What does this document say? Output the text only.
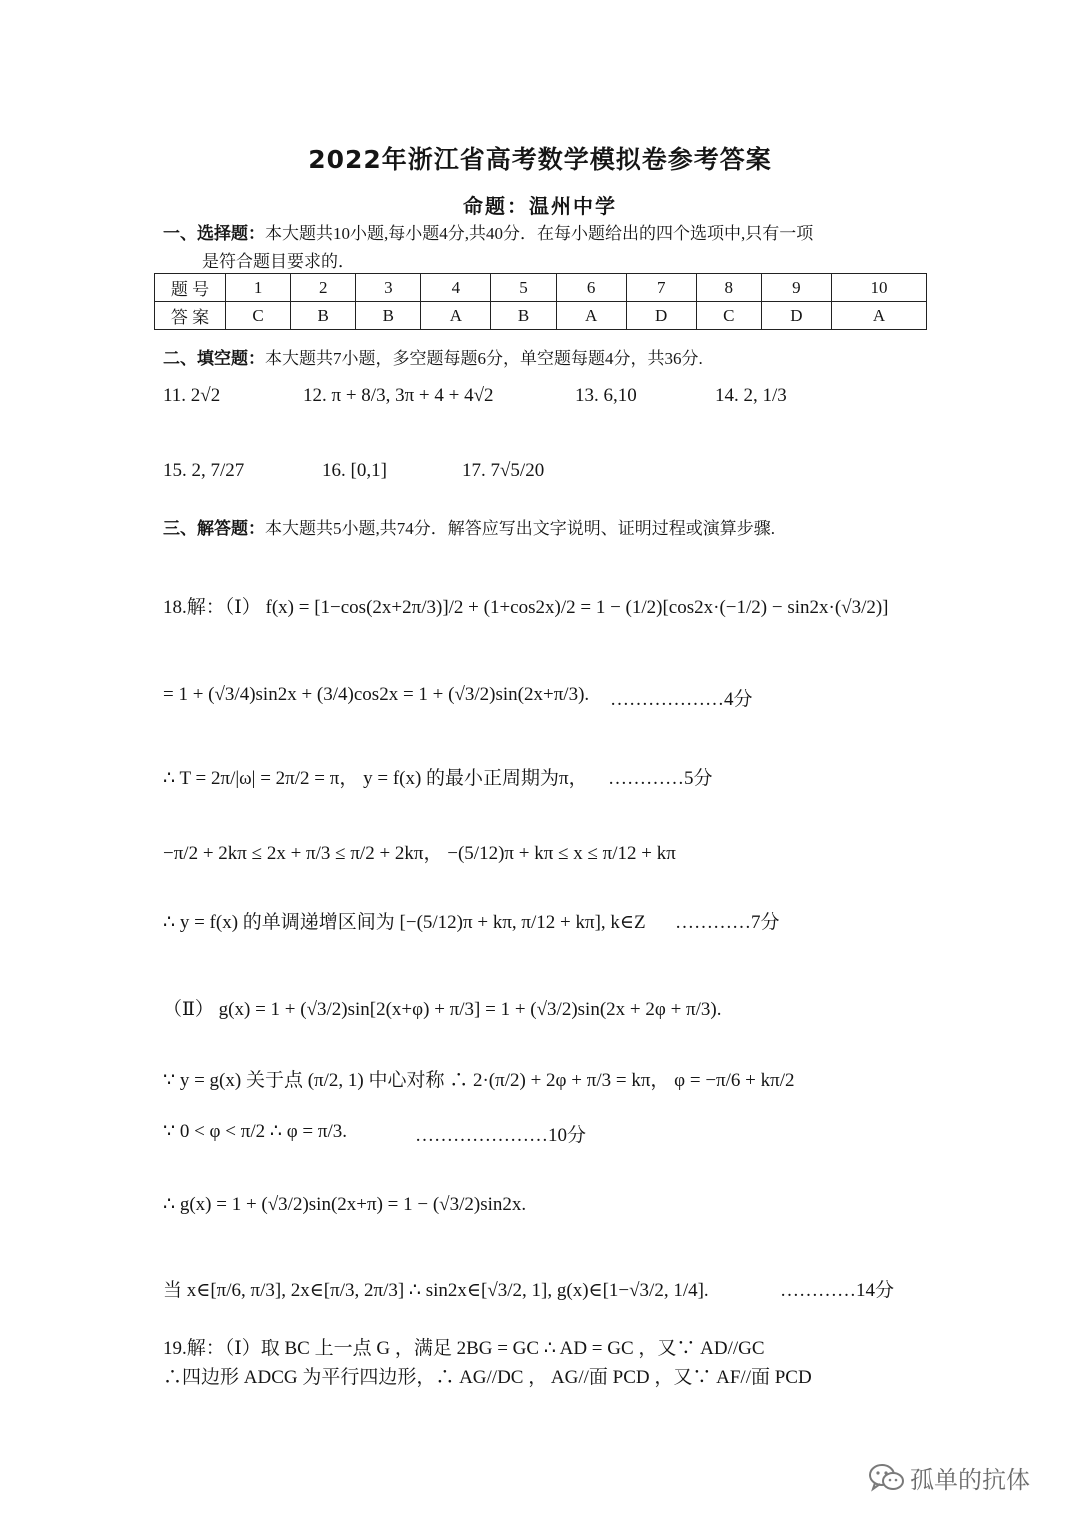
2022年浙江省高考数学模拟卷参考答案
命题：温州中学
一、选择题：本大题共10小题,每小题4分,共40分．在每小题给出的四个选项中,只有一项
是符合题目要求的．
题 号	1	2	3	4	5	6	7	8	9	10
答 案	C	B	B	A	B	A	D	C	D	A
二、填空题：本大题共7小题，多空题每题6分，单空题每题4分，共36分.
11. 2√2	12. π + 8/3, 3π + 4 + 4√2	13. 6,10	14. 2, 1/3
15. 2, 7/27	16. [0,1]	17. 7√5/20
三、解答题：本大题共5小题,共74分．解答应写出文字说明、证明过程或演算步骤.
18.解：（Ⅰ） f(x) = [1−cos(2x+2π/3)]/2 + (1+cos2x)/2 = 1 − (1/2)[cos2x·(−1/2) − sin2x·(√3/2)]
= 1 + (√3/4)sin2x + (3/4)cos2x = 1 + (√3/2)sin(2x+π/3). ………………4分
∴ T = 2π/|ω| = 2π/2 = π， y = f(x) 的最小正周期为π， …………5分
−π/2 + 2kπ ≤ 2x + π/3 ≤ π/2 + 2kπ， −(5/12)π + kπ ≤ x ≤ π/12 + kπ
∴ y = f(x) 的单调递增区间为 [−(5/12)π + kπ, π/12 + kπ], k∈Z …………7分
（Ⅱ） g(x) = 1 + (√3/2)sin[2(x+φ) + π/3] = 1 + (√3/2)sin(2x + 2φ + π/3).
∵ y = g(x) 关于点 (π/2, 1) 中心对称 ∴ 2·(π/2) + 2φ + π/3 = kπ， φ = −π/6 + kπ/2
∵ 0 < φ < π/2 ∴ φ = π/3.	…………………10分
∴ g(x) = 1 + (√3/2)sin(2x+π) = 1 − (√3/2)sin2x.
当 x∈[π/6, π/3], 2x∈[π/3, 2π/3] ∴ sin2x∈[√3/2, 1], g(x)∈[1−√3/2, 1/4].	…………14分
19.解：（Ⅰ）取 BC 上一点 G ，满足 2BG = GC ∴ AD = GC ，又∵ AD//GC
∴四边形 ADCG 为平行四边形，∴ AG//DC ， AG//面 PCD ，又∵ AF//面 PCD
孤单的抗体
